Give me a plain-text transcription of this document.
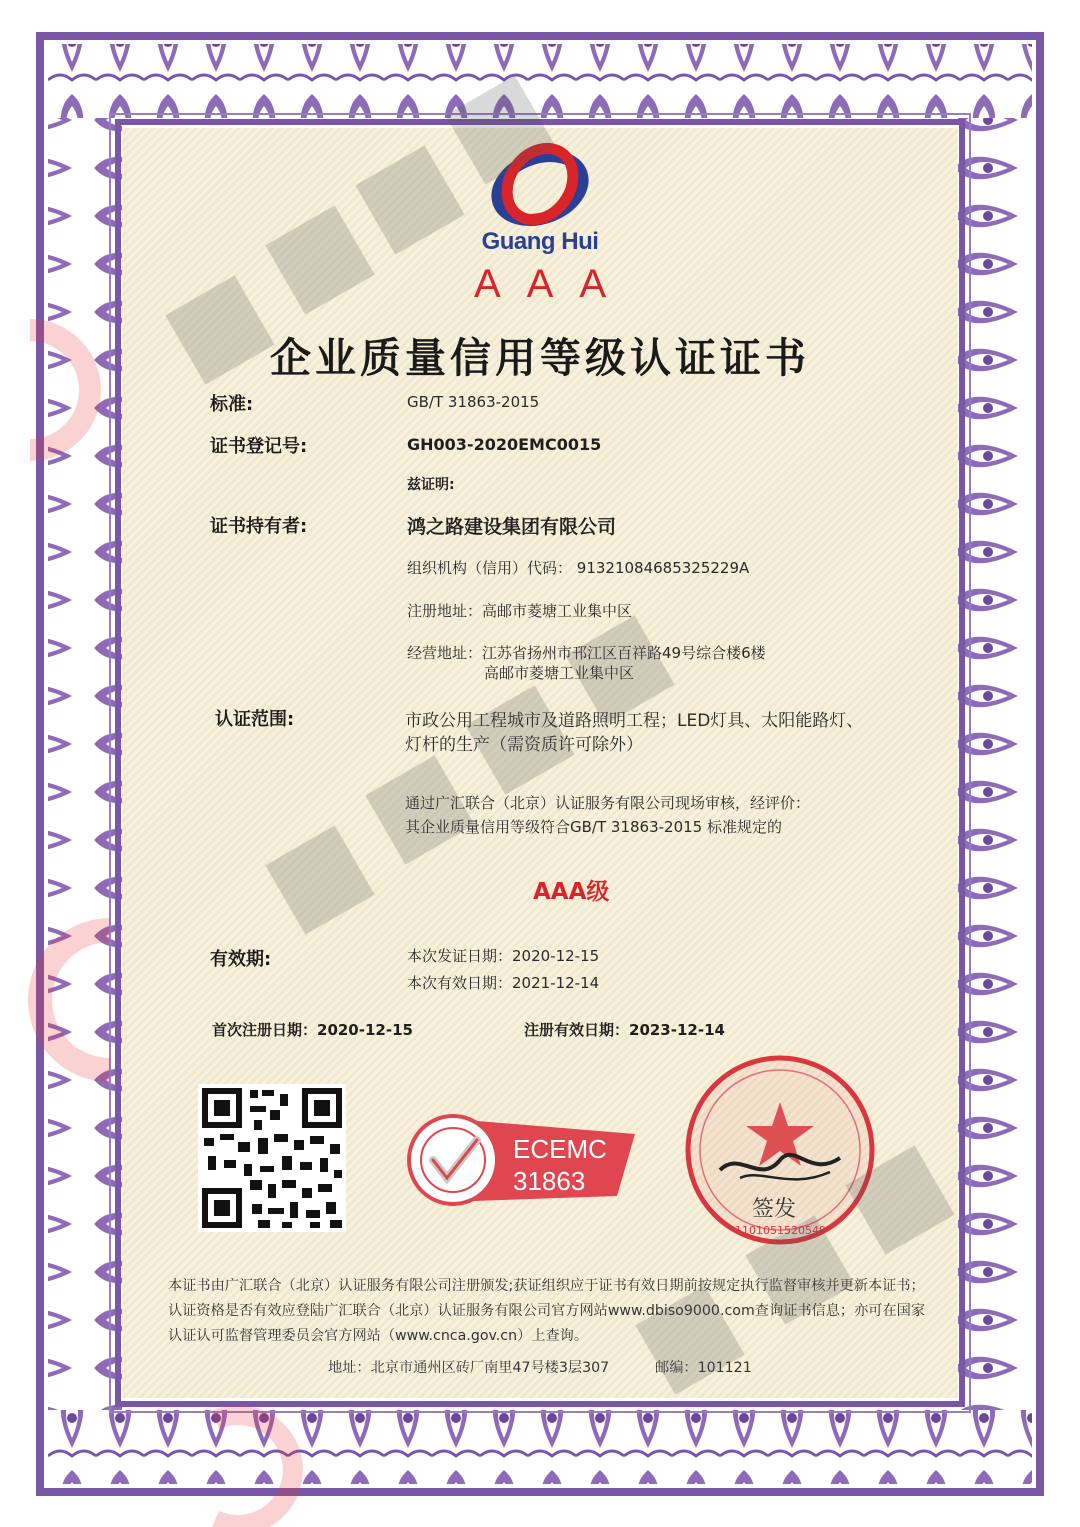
Guang Hui
AAA
企业质量信用等级认证证书
标准:	GB/T 31863-2015
证书登记号:	GH003-2020EMC0015
兹证明:
证书持有者:	鸿之路建设集团有限公司
组织机构（信用）代码： 91321084685325229A
注册地址：高邮市菱塘工业集中区
经营地址：江苏省扬州市邗江区百祥路49号综合楼6楼
高邮市菱塘工业集中区
认证范围:	市政公用工程城市及道路照明工程；LED灯具、太阳能路灯、
灯杆的生产（需资质许可除外）
通过广汇联合（北京）认证服务有限公司现场审核，经评价：
其企业质量信用等级符合GB/T 31863-2015 标准规定的
AAA级
有效期:	本次发证日期：2020-12-15
本次有效日期：2021-12-14
首次注册日期：2020-12-15	注册有效日期：2023-12-14
ECEMC
31863
签发
1101051520549
本证书由广汇联合（北京）认证服务有限公司注册颁发;获证组织应于证书有效日期前按规定执行监督审核并更新本证书；认证资格是否有效应登陆广汇联合（北京）认证服务有限公司官方网站www.dbiso9000.com查询证书信息；亦可在国家认证认可监督管理委员会官方网站（www.cnca.gov.cn）上查询。
地址：北京市通州区砖厂南里47号楼3层307	邮编：101121
